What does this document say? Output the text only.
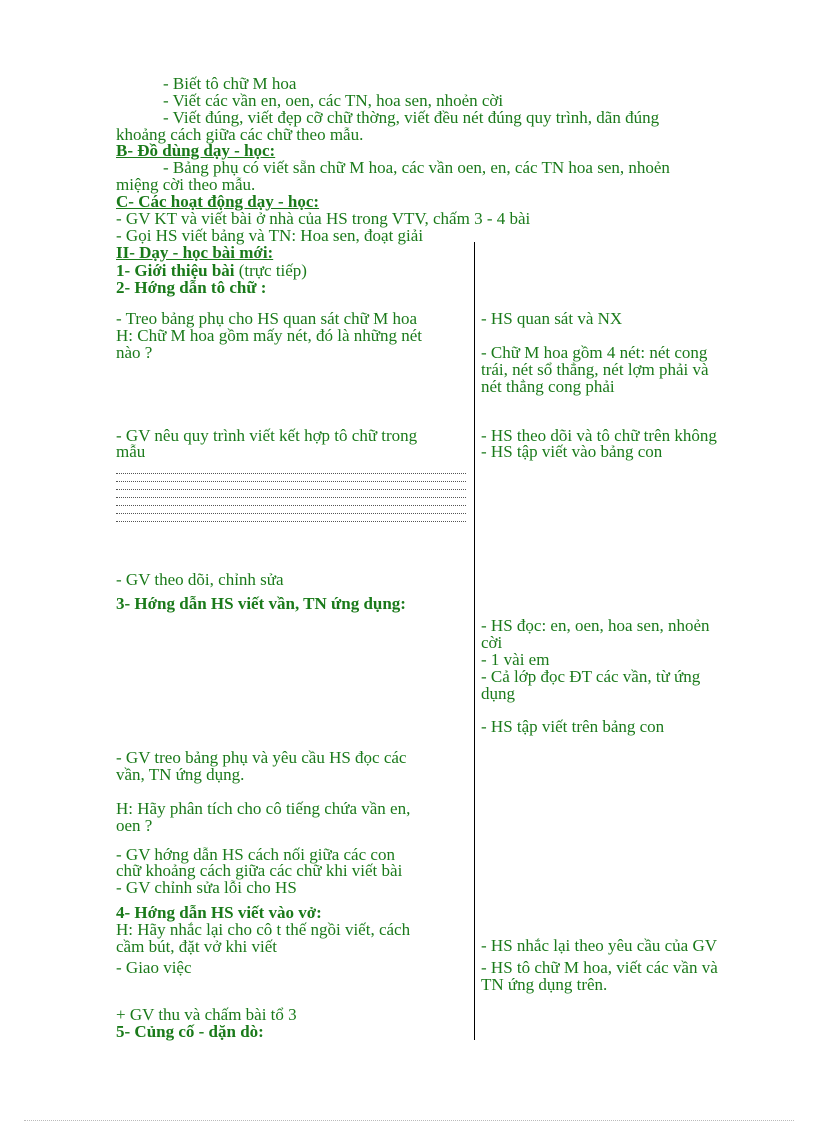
- Biết tô chữ M hoa
- Viết các vần en, oen, các TN, hoa sen, nhoẻn cời
- Viết đúng, viết đẹp cỡ chữ thờng, viết đều nét đúng quy trình, dãn đúng
khoảng cách giữa các chữ theo mẫu.
B- Đồ dùng dạy - học:
- Bảng phụ có viết sẵn chữ M hoa, các vần oen, en, các TN hoa sen, nhoẻn
miệng cời theo mẫu.
C- Các hoạt động dạy - học:
- GV KT và viết bài ở nhà của HS trong VTV, chấm 3 - 4 bài
- Gọi HS viết bảng và TN: Hoa sen, đoạt giải
II- Dạy - học bài mới:
1- Giới thiệu bài (trực tiếp)
2- Hớng dẫn tô chữ :
- Treo bảng phụ cho HS quan sát chữ M hoa
H: Chữ M hoa gồm mấy nét, đó là những nét
nào ?
- GV nêu quy trình viết kết hợp tô chữ trong
mẫu
- GV theo dõi, chỉnh sửa
3- Hớng dẫn HS viết vần, TN ứng dụng:
- GV treo bảng phụ và yêu cầu HS đọc các
vần, TN ứng dụng.
H: Hãy phân tích cho cô tiếng chứa vần en,
oen ?
- GV hớng dẫn HS cách nối giữa các con
chữ khoảng cách giữa các chữ khi viết bài
- GV chỉnh sửa lỗi cho HS
4- Hớng dẫn HS viết vào vở:
H: Hãy nhắc lại cho cô t thế ngồi viết, cách
cầm bút, đặt vở khi viết
- Giao việc
+ GV thu và chấm bài tổ 3
5- Củng cố - dặn dò:
- HS quan sát và NX
- Chữ M hoa gồm 4 nét: nét cong
trái, nét sổ thẳng, nét lợm phải và
nét thẳng cong phải
- HS theo dõi và tô chữ trên không
- HS tập viết vào bảng con
- HS đọc: en, oen, hoa sen, nhoẻn
cời
- 1 vài em
- Cả lớp đọc ĐT các vần, từ ứng
dụng
- HS tập viết trên bảng con
- HS nhắc lại theo yêu cầu của GV
- HS tô chữ M hoa, viết các vần và
TN ứng dụng trên.
